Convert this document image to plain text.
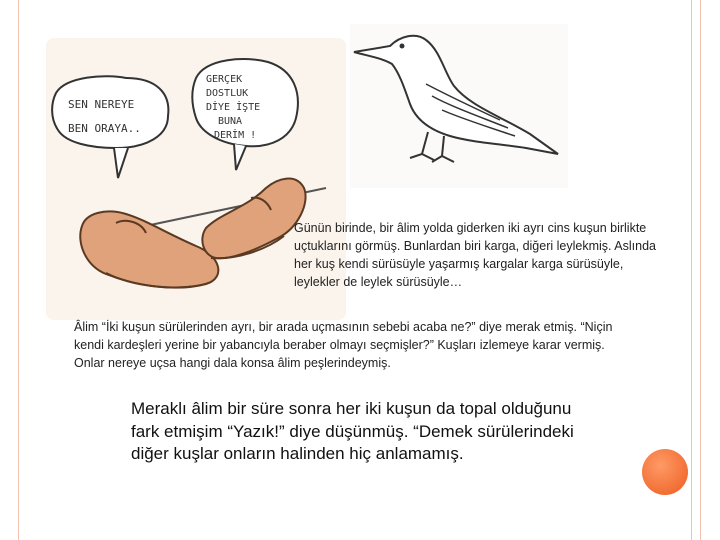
SEN NEREYE
BEN ORAYA..
GERÇEK
DOSTLUK
DİYE İŞTE
BUNA
DERİM !
Günün birinde, bir âlim yolda giderken iki ayrı cins kuşun birlikte uçtuklarını görmüş. Bunlardan biri karga, diğeri leylekmiş. Aslında her kuş kendi sürüsüyle yaşarmış kargalar karga sürüsüyle, leylekler de leylek sürüsüyle…
Âlim “İki kuşun sürülerinden ayrı, bir arada uçmasının sebebi acaba ne?” diye merak etmiş. “Niçin kendi kardeşleri yerine bir yabancıyla beraber olmayı seçmişler?” Kuşları izlemeye karar vermiş. Onlar nereye uçsa hangi dala konsa âlim peşlerindeymiş.
Meraklı âlim bir süre sonra her iki kuşun da topal olduğunu fark etmişim “Yazık!” diye düşünmüş. “Demek sürülerindeki diğer kuşlar onların halinden hiç anlamamış.
